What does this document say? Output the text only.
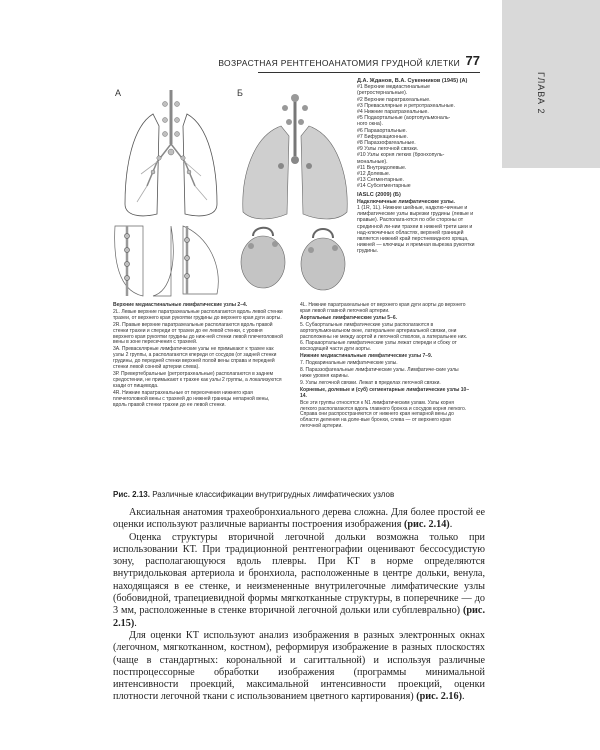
ГЛАВА 2
ВОЗРАСТНАЯ РЕНТГЕНОАНАТОМИЯ ГРУДНОЙ КЛЕТКИ 77
А	Б
Д.А. Жданов, В.А. Сукенников (1945) (А)
#1 Верхние медиастинальные
(ретростернальные).
#2 Верхние паратрахеальные.
#3 Превасклярные и ретротрахеальные.
#4 Нижние паратрахеальные.
#5 Подаортальные (аортопульмональ-
ного окна).
#6 Парааортальные.
#7 Бифуркационные.
#8 Параэзофагеальные.
#9 Узлы легочной связки.
#10 Узлы корня легких (бронхопуль-
мональные).
#11 Внутридолевые.
#12 Долевые.
#13 Сегментарные.
#14 Субсегментарные
IASLC (2009) (Б)
Надключичные лимфатические узлы.
1 (1R, 1L). Нижние шейные, надклю-чичные и лимфатические узлы вырезки грудины (левые и правые). Располага-ются по обе стороны от срединной ли-нии трахеи в нижней трети шеи и над-ключичных областях, верхней границей является нижний край перстневидного хряща, нижней — ключицы и яремная вырезка рукоятки грудины.

Верхние медиастинальные лимфатические узлы 2–4.

2L. Левые верхние паратрахеальные располагаются вдоль левой стенки трахеи, от верхнего края рукоятки грудины до верхнего края дуги аорты.

2R. Правые верхние паратрахеальные располагаются вдоль правой стенки трахеи и спереди от трахеи до ее левой стенки, с уровня верхнего края рукоятки грудины до ниж-ней стенки левой плечеголовной вены в зоне пересечения с трахеей.

3А. Превасклярные лимфатические узлы не примыкают к трахее как узлы 2 группы, а располагаются кпереди от сосудов (от задней стенки грудины, до передней стенки верхней полой вены справа и передней стенки левой сонной артерии слева).

3Р. Превертебральные (ретротрахеальные) располагаются в заднем средостении, не примыкают к трахее как узлы 2 группы, а локализуются кзади от пищевода.

4R. Нижние паратрахеальные от пересечения нижнего края плечеголовной вены с трахеей до нижней границы непарной вены, вдоль правой стенки трахеи до ее левой стенки.

4L. Нижние паратрахеальные от верхнего края дуги аорты до верхнего края левой главной легочной артерии.

Аортальные лимфатические узлы 5–6.

5. Субаортальные лимфатические узлы располагаются в аортопульмональном окне, латеральнее артериальной связки, они расположены не между аортой и легочной стволом, а латеральнее них.

6. Парааортальные лимфатические узлы лежат спереди и сбоку от восходящей части дуги аорты.

Нижние медиастинальные лимфатические узлы 7–9.

7. Подкаринальные лимфатические узлы.

8. Параэзофагеальные лимфатические узлы. Лимфатиче-ские узлы ниже уровня карины.

9. Узлы легочной связки. Лежат в пределах легочной связки.

Корневые, долевые и (суб) сегментарные лимфатические узлы 10–14.

Все эти группы относятся к N1 лимфатическим узлам. Узлы корня легкого располагаются вдоль главного бронха и сосудов корня легкого. Справа они распространяются от нижнего края непарной вены до области деления на доле-вые бронхи, слева — от верхнего края легочной артерии.

Рис. 2.13. Различные классификации внутригрудных лимфатических узлов

Аксиальная анатомия трахеобронхиального дерева сложна. Для более простой ее оценки используют различные варианты построения изображения (рис. 2.14).

Оценка структуры вторичной легочной дольки возможна только при использовании КТ. При традиционной рентгенографии оценивают бессосудистую зону, располагающуюся вдоль плевры. При КТ в норме определяются внутридольковая артериола и бронхиола, расположенные в центре дольки, венула, находящаяся в ее стенке, и неизмененные внутрилегочные лимфатические узлы (бобовидной, трапециевидной формы мягкотканные структуры, в поперечнике — до 3 мм, расположенные в стенке вторичной легочной дольки или субплевральнo) (рис. 2.15).

Для оценки КТ используют анализ изображения в разных электронных окнах (легочном, мягкотканном, костном), реформируя изображение в разных плоскостях (чаще в стандартных: корональной и сагиттальной) и используя различные постпроцессорные обработки изображения (программы минимальной интенсивности проекций, максимальной интенсивности проекций, оценки плотности легочной ткани с использованием цветного картирования) (рис. 2.16).
